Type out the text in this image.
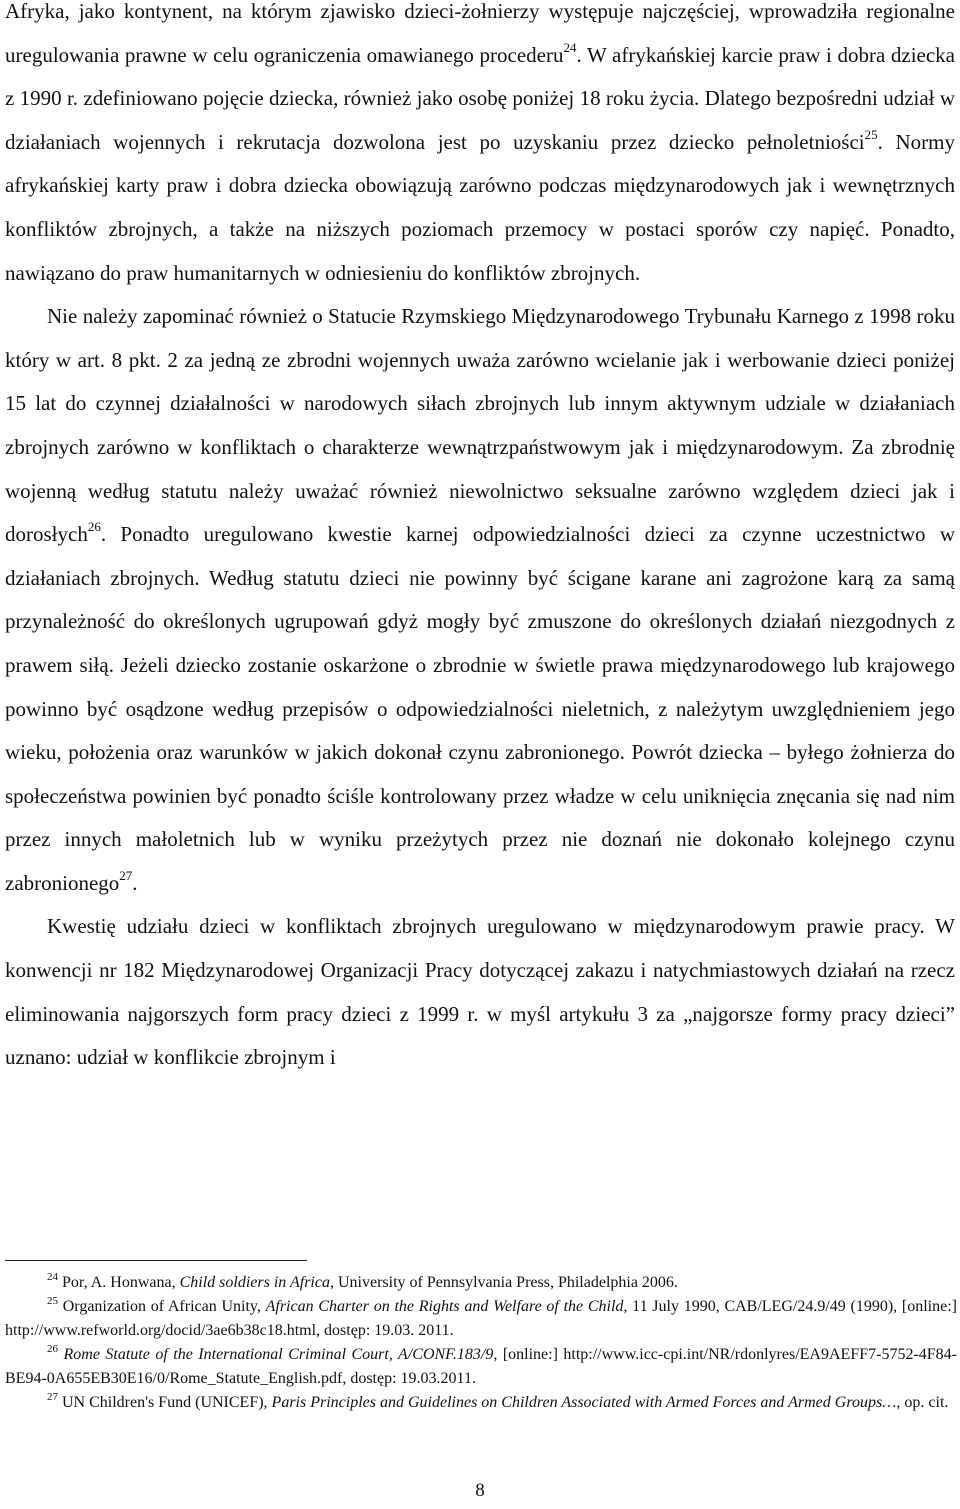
Afryka, jako kontynent, na którym zjawisko dzieci-żołnierzy występuje najczęściej, wprowadziła regionalne uregulowania prawne w celu ograniczenia omawianego procederu$^{24}$. W afrykańskiej karcie praw i dobra dziecka z 1990 r. zdefiniowano pojęcie dziecka, również jako osobę poniżej 18 roku życia. Dlatego bezpośredni udział w działaniach wojennych i rekrutacja dozwolona jest po uzyskaniu przez dziecko pełnoletniości$^{25}$. Normy afrykańskiej karty praw i dobra dziecka obowiązują zarówno podczas międzynarodowych jak i wewnętrznych konfliktów zbrojnych, a także na niższych poziomach przemocy w postaci sporów czy napięć. Ponadto, nawiązano do praw humanitarnych w odniesieniu do konfliktów zbrojnych.

Nie należy zapominać również o Statucie Rzymskiego Międzynarodowego Trybunału Karnego z 1998 roku który w art. 8 pkt. 2 za jedną ze zbrodni wojennych uważa zarówno wcielanie jak i werbowanie dzieci poniżej 15 lat do czynnej działalności w narodowych siłach zbrojnych lub innym aktywnym udziale w działaniach zbrojnych zarówno w konfliktach o charakterze wewnątrzpaństwowym jak i międzynarodowym. Za zbrodnię wojenną według statutu należy uważać również niewolnictwo seksualne zarówno względem dzieci jak i dorosłych$^{26}$. Ponadto uregulowano kwestie karnej odpowiedzialności dzieci za czynne uczestnictwo w działaniach zbrojnych. Według statutu dzieci nie powinny być ścigane karane ani zagrożone karą za samą przynależność do określonych ugrupowań gdyż mogły być zmuszone do określonych działań niezgodnych z prawem siłą. Jeżeli dziecko zostanie oskarżone o zbrodnie w świetle prawa międzynarodowego lub krajowego powinno być osądzone według przepisów o odpowiedzialności nieletnich, z należytym uwzględnieniem jego wieku, położenia oraz warunków w jakich dokonał czynu zabronionego. Powrót dziecka – byłego żołnierza do społeczeństwa powinien być ponadto ściśle kontrolowany przez władze w celu uniknięcia znęcania się nad nim przez innych małoletnich lub w wyniku przeżytych przez nie doznań nie dokonało kolejnego czynu zabronionego$^{27}$.

Kwestię udziału dzieci w konfliktach zbrojnych uregulowano w międzynarodowym prawie pracy. W konwencji nr 182 Międzynarodowej Organizacji Pracy dotyczącej zakazu i natychmiastowych działań na rzecz eliminowania najgorszych form pracy dzieci z 1999 r. w myśl artykułu 3 za „najgorsze formy pracy dzieci” uznano: udział w konflikcie zbrojnym i

$^{24}$ Por, A. Honwana, Child soldiers in Africa, University of Pennsylvania Press, Philadelphia 2006.

$^{25}$ Organization of African Unity, African Charter on the Rights and Welfare of the Child, 11 July 1990, CAB/LEG/24.9/49 (1990), [online:] http://www.refworld.org/docid/3ae6b38c18.html, dostęp: 19.03. 2011.

$^{26}$ Rome Statute of the International Criminal Court, A/CONF.183/9, [online:] http://www.icc-cpi.int/NR/rdonlyres/EA9AEFF7-5752-4F84-BE94-0A655EB30E16/0/Rome_Statute_English.pdf, dostęp: 19.03.2011.

$^{27}$ UN Children's Fund (UNICEF), Paris Principles and Guidelines on Children Associated with Armed Forces and Armed Groups…, op. cit.

8
